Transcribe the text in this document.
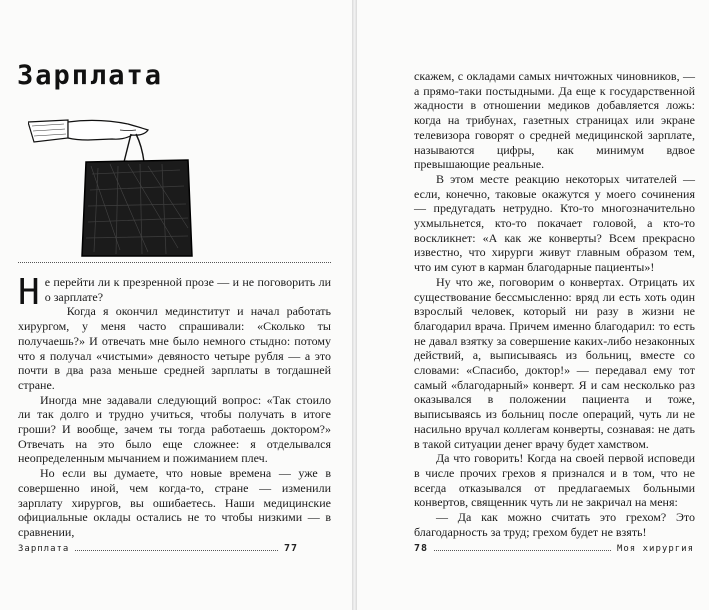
Зарплата

Не перейти ли к презренной прозе — и не поговорить ли о зарплате?

Когда я окончил мединститут и начал работать хирургом, у меня часто спрашивали: «Сколько ты получаешь?» И отвечать мне было немного стыдно: потому что я получал «чистыми» девяносто четыре рубля — а это почти в два раза меньше средней зарплаты в тогдашней стране.

Иногда мне задавали следующий вопрос: «Так стоило ли так долго и трудно учиться, чтобы получать в итоге гроши? И вообще, зачем ты тогда работаешь доктором?» Отвечать на это было еще сложнее: я отделывался неопределенным мычанием и пожиманием плеч.

Но если вы думаете, что новые времена — уже в совершенно иной, чем когда-то, стране — изменили зарплату хирургов, вы ошибаетесь. Наши медицинские официальные оклады остались не то чтобы низкими — в сравнении,

Зарплата	77

скажем, с окладами самых ничтожных чиновников, — а прямо-таки постыдными. Да еще к государственной жадности в отношении медиков добавляется ложь: когда на трибунах, газетных страницах или экране телевизора говорят о средней медицинской зарплате, называются цифры, как минимум вдвое превышающие реальные.

В этом месте реакцию некоторых читателей — если, конечно, таковые окажутся у моего сочинения — предугадать нетрудно. Кто-то многозначительно ухмыльнется, кто-то покачает головой, а кто-то воскликнет: «А как же конверты? Всем прекрасно известно, что хирурги живут главным образом тем, что им суют в карман благодарные пациенты»!

Ну что же, поговорим о конвертах. Отрицать их существование бессмысленно: вряд ли есть хоть один взрослый человек, который ни разу в жизни не благодарил врача. Причем именно благодарил: то есть не давал взятку за совершение каких-либо незаконных действий, а, выписываясь из больниц, вместе со словами: «Спасибо, доктор!» — передавал ему тот самый «благодарный» конверт. Я и сам несколько раз оказывался в положении пациента и тоже, выписываясь из больниц после операций, чуть ли не насильно вручал коллегам конверты, сознавая: не дать в такой ситуации денег врачу будет хамством.

Да что говорить! Когда на своей первой исповеди в числе прочих грехов я признался и в том, что не всегда отказывался от предлагаемых больными конвертов, священник чуть ли не закричал на меня:

— Да как можно считать это грехом? Это благодарность за труд; грехом будет не взять!

78	Моя хирургия
